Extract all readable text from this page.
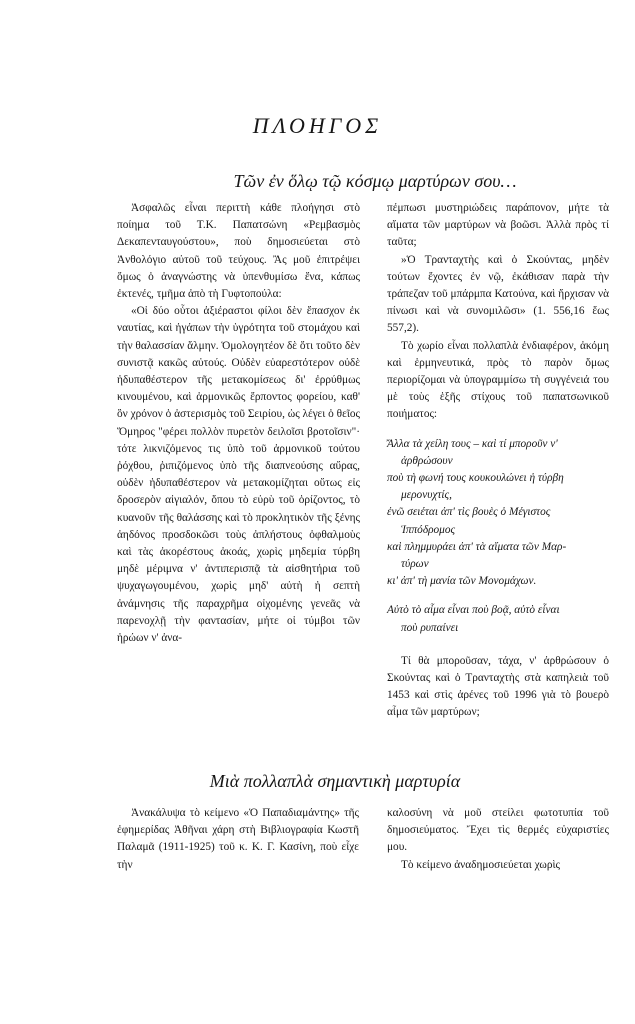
ΠΛΟΗΓΟΣ
Τῶν ἐν ὅλῳ τῷ κόσμῳ μαρτύρων σου…

Ἀσφαλῶς εἶναι περιττὴ κάθε πλοήγησι στὸ ποίημα τοῦ Τ.Κ. Παπατσώνη «Ρεμβασμὸς Δεκαπενταυγούστου», ποὺ δημοσιεύεται στὸ Ἀνθολόγιο αὐτοῦ τοῦ τεύχους. Ἂς μοῦ ἐπιτρέψει ὅμως ὁ ἀναγνώστης νὰ ὑπενθυμίσω ἕνα, κάπως ἐκτενές, τμῆμα ἀπὸ τὴ Γυφτοπούλα:

«Οἱ δύο οὗτοι ἀξιέραστοι φίλοι δὲν ἔπασχον ἐκ ναυτίας, καὶ ἠγάπων τὴν ὑγρότητα τοῦ στομάχου καὶ τὴν θαλασσίαν ἅλμην. Ὁμολογητέον δὲ ὅτι τοῦτο δὲν συνιστᾷ κακῶς αὐτούς. Οὐδὲν εὐαρεστότερον οὐδὲ ἡδυπαθέστερον τῆς μετακομίσεως δι' ἐρρύθμως κινουμένου, καὶ ἁρμονικῶς ἕρποντος φορείου, καθ' ὃν χρόνον ὁ ἀστερισμὸς τοῦ Σειρίου, ὡς λέγει ὁ θεῖος Ὅμηρος "φέρει πολλὸν πυρετὸν δειλοῖσι βροτοῖσιν"· τότε λικνιζόμενος τις ὑπὸ τοῦ ἁρμονικοῦ τούτου ῥόχθου, ῥιπιζόμενος ὑπὸ τῆς διαπνεούσης αὔρας, οὐδὲν ἡδυπαθέστερον νὰ μετακομίζηται οὕτως εἰς δροσερὸν αἰγιαλόν, ὅπου τὸ εὐρὺ τοῦ ὁρίζοντος, τὸ κυανοῦν τῆς θαλάσσης καὶ τὸ προκλητικὸν τῆς ξένης ἀηδόνος προσδοκῶσι τοὺς ἀπλήστους ὀφθαλμοὺς καὶ τὰς ἀκορέστους ἀκοάς, χωρὶς μηδεμία τύρβη μηδὲ μέριμνα ν' ἀντιπερισπᾷ τὰ αἰσθητήρια τοῦ ψυχαγωγουμένου, χωρὶς μηδ' αὐτὴ ἡ σεπτὴ ἀνάμνησις τῆς παραχρῆμα οἰχομένης γενεᾶς νὰ παρενοχλῇ τὴν φαντασίαν, μήτε οἱ τύμβοι τῶν ἡρώων ν' ἀνα-

πέμπωσι μυστηριώδεις παράπονον, μήτε τὰ αἵματα τῶν μαρτύρων νὰ βοῶσι. Ἀλλὰ πρὸς τί ταῦτα;

»Ὁ Τρανταχτὴς καὶ ὁ Σκούντας, μηδὲν τούτων ἔχοντες ἐν νῷ, ἐκάθισαν παρὰ τὴν τράπεζαν τοῦ μπάρμπα Κατούνα, καὶ ἤρχισαν νὰ πίνωσι καὶ νὰ συνομιλῶσι» (1. 556,16 ἕως 557,2).

Τὸ χωρίο εἶναι πολλαπλὰ ἐνδιαφέρον, ἀκόμη καὶ ἑρμηνευτικά, πρὸς τὸ παρὸν ὅμως περιορίζομαι νὰ ὑπογραμμίσω τὴ συγγένειά του μὲ τοὺς ἑξῆς στίχους τοῦ παπατσωνικοῦ ποιήματος:

Ἄλλα τὰ χείλη τους – καὶ τί μποροῦν ν'
ἀρθρώσουν
ποὺ τὴ φωνή τους κουκουλώνει ἡ τύρβη
μερονυχτίς,
ἐνῶ σειέται ἀπ' τὶς βουὲς ὁ Μέγιστος
Ἱππόδρομος
καὶ πλημμυράει ἀπ' τὰ αἵματα τῶν Μαρ-
τύρων
κι' ἀπ' τὴ μανία τῶν Μονομάχων.
Αὐτὸ τὸ αἷμα εἶναι ποὺ βοᾷ, αὐτὸ εἶναι
ποὺ ρυπαίνει

Τί θὰ μποροῦσαν, τάχα, ν' ἀρθρώσουν ὁ Σκούντας καὶ ὁ Τρανταχτὴς στὰ καπηλειὰ τοῦ 1453 καὶ στὶς ἀρένες τοῦ 1996 γιὰ τὸ βουερὸ αἷμα τῶν μαρτύρων;

Μιὰ πολλαπλὰ σημαντικὴ μαρτυρία

Ἀνακάλυψα τὸ κείμενο «Ὁ Παπαδιαμάντης» τῆς ἐφημερίδας Ἀθῆναι χάρη στὴ Βιβλιογραφία Κωστῆ Παλαμᾶ (1911-1925) τοῦ κ. Κ. Γ. Κασίνη, ποὺ εἶχε τὴν

καλοσύνη νὰ μοῦ στείλει φωτοτυπία τοῦ δημοσιεύματος. Ἔχει τὶς θερμές εὐχαριστίες μου.

Τὸ κείμενο ἀναδημοσιεύεται χωρὶς
